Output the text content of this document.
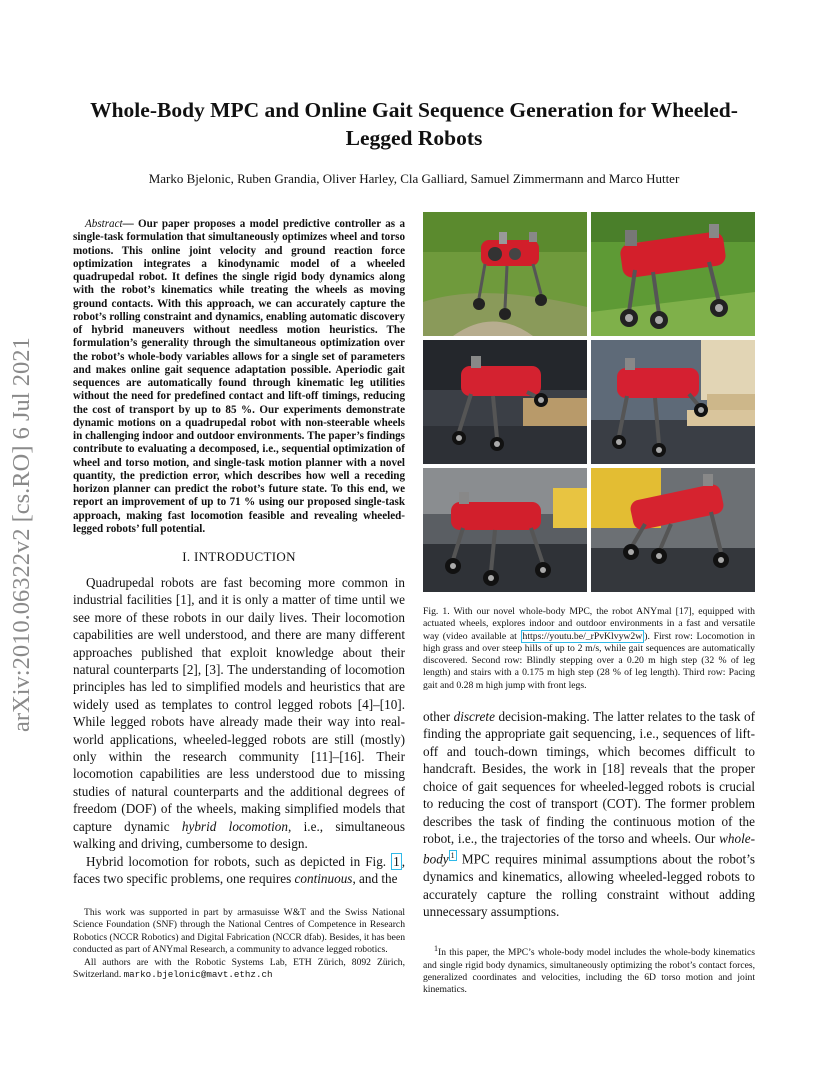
arXiv:2010.06322v2 [cs.RO] 6 Jul 2021
Whole-Body MPC and Online Gait Sequence Generation for Wheeled-Legged Robots
Marko Bjelonic, Ruben Grandia, Oliver Harley, Cla Galliard, Samuel Zimmermann and Marco Hutter

Abstract— Our paper proposes a model predictive controller as a single-task formulation that simultaneously optimizes wheel and torso motions. This online joint velocity and ground reaction force optimization integrates a kinodynamic model of a wheeled quadrupedal robot. It defines the single rigid body dynamics along with the robot’s kinematics while treating the wheels as moving ground contacts. With this approach, we can accurately capture the robot’s rolling constraint and dynamics, enabling automatic discovery of hybrid maneuvers without needless motion heuristics. The formulation’s generality through the simultaneous optimization over the robot’s whole-body variables allows for a single set of parameters and makes online gait sequence adaptation possible. Aperiodic gait sequences are automatically found through kinematic leg utilities without the need for predefined contact and lift-off timings, reducing the cost of transport by up to 85 %. Our experiments demonstrate dynamic motions on a quadrupedal robot with non-steerable wheels in challenging indoor and outdoor environments. The paper’s findings contribute to evaluating a decomposed, i.e., sequential optimization of wheel and torso motion, and single-task motion planner with a novel quantity, the prediction error, which describes how well a receding horizon planner can predict the robot’s future state. To this end, we report an improvement of up to 71 % using our proposed single-task approach, making fast locomotion feasible and revealing wheeled-legged robots’ full potential.

I. INTRODUCTION

Quadrupedal robots are fast becoming more common in industrial facilities [1], and it is only a matter of time until we see more of these robots in our daily lives. Their locomotion capabilities are well understood, and there are many different approaches published that exploit knowledge about their natural counterparts [2], [3]. The understanding of locomotion principles has led to simplified models and heuristics that are widely used as templates to control legged robots [4]–[10]. While legged robots have already made their way into real-world applications, wheeled-legged robots are still (mostly) only within the research community [11]–[16]. Their locomotion capabilities are less understood due to missing studies of natural counterparts and the additional degrees of freedom (DOF) of the wheels, making simplified models that capture dynamic hybrid locomotion, i.e., simultaneous walking and driving, cumbersome to design.

Hybrid locomotion for robots, such as depicted in Fig. 1 , faces two specific problems, one requires continuous, and the

This work was supported in part by armasuisse W&T and the Swiss National Science Foundation (SNF) through the National Centres of Competence in Research Robotics (NCCR Robotics) and Digital Fabrication (NCCR dfab). Besides, it has been conducted as part of ANYmal Research, a community to advance legged robotics.

All authors are with the Robotic Systems Lab, ETH Zürich, 8092 Zürich, Switzerland. marko.bjelonic@mavt.ethz.ch

Fig. 1. With our novel whole-body MPC, the robot ANYmal [17], equipped with actuated wheels, explores indoor and outdoor environments in a fast and versatile way (video available at https://youtu.be/_rPvKlvyw2w ). First row: Locomotion in high grass and over steep hills of up to 2 m/s, while gait sequences are automatically discovered. Second row: Blindly stepping over a 0.20 m high step (32 % of leg length) and stairs with a 0.175 m high step (28 % of leg length). Third row: Pacing gait and 0.28 m high jump with front legs.

other discrete decision-making. The latter relates to the task of finding the appropriate gait sequencing, i.e., sequences of lift-off and touch-down timings, which becomes difficult to handcraft. Besides, the work in [18] reveals that the proper choice of gait sequences for wheeled-legged robots is crucial to reducing the cost of transport (COT). The former problem describes the task of finding the continuous motion of the robot, i.e., the trajectories of the torso and wheels. Our whole-body $^1$ MPC requires minimal assumptions about the robot’s dynamics and kinematics, allowing wheeled-legged robots to accurately capture the rolling constraint without adding unnecessary assumptions.

$^1$In this paper, the MPC’s whole-body model includes the whole-body kinematics and single rigid body dynamics, simultaneously optimizing the robot’s contact forces, generalized coordinates and velocities, including the 6D torso motion and joint kinematics.
